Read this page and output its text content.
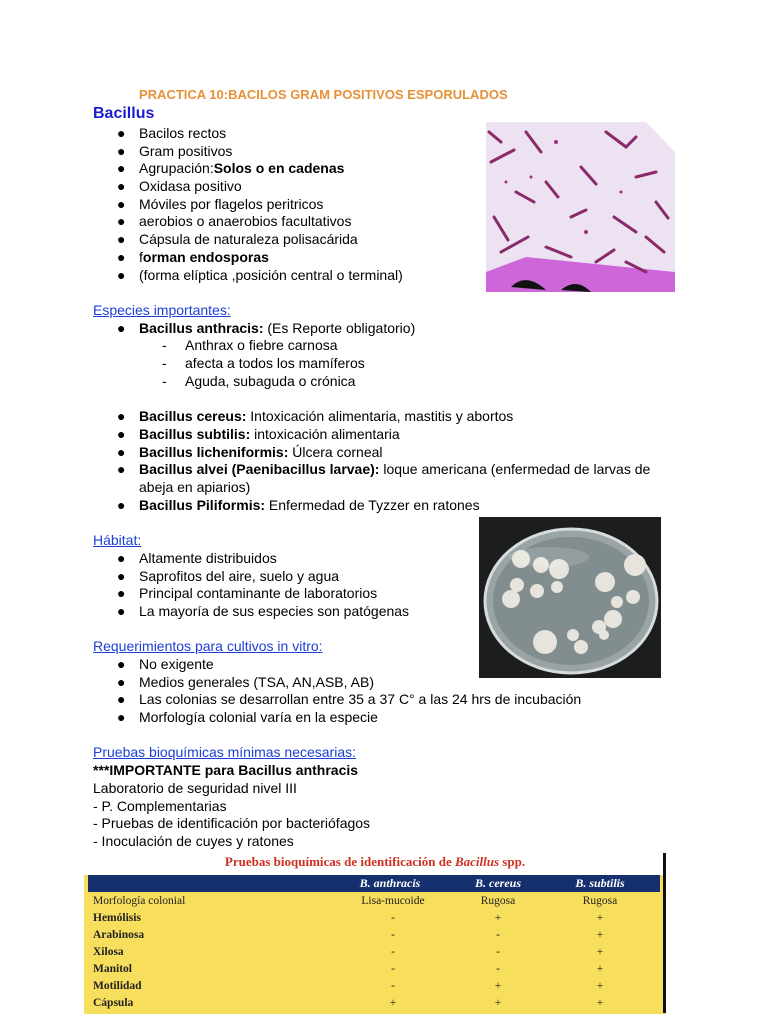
PRACTICA 10:BACILOS GRAM POSITIVOS ESPORULADOS
Bacillus
● Bacilos rectos
● Gram positivos
● Agrupación:Solos o en cadenas
● Oxidasa positivo
● Móviles por flagelos peritricos
● aerobios o anaerobios facultativos
● Cápsula de naturaleza polisacárida
● forman endosporas
● (forma elíptica ,posición central o terminal)
Especies importantes:
● Bacillus anthracis: (Es Reporte obligatorio)
- Anthrax o fiebre carnosa
- afecta a todos los mamíferos
- Aguda, subaguda o crónica
● Bacillus cereus: Intoxicación alimentaria, mastitis y abortos
● Bacillus subtilis: intoxicación alimentaria
● Bacillus licheniformis: Úlcera corneal
● Bacillus alvei (Paenibacillus larvae): loque americana (enfermedad de larvas de
abeja en apiarios)
● Bacillus Piliformis: Enfermedad de Tyzzer en ratones
Hábitat:
● Altamente distribuidos
● Saprofitos del aire, suelo y agua
● Principal contaminante de laboratorios
● La mayoría de sus especies son patógenas
Requerimientos para cultivos in vitro:
● No exigente
● Medios generales (TSA, AN,ASB, AB)
● Las colonias se desarrollan entre 35 a 37 C° a las 24 hrs de incubación
● Morfología colonial varía en la especie
Pruebas bioquímicas mínimas necesarias:
***IMPORTANTE para Bacillus anthracis
Laboratorio de seguridad nivel III
- P. Complementarias
- Pruebas de identificación por bacteriófagos
- Inoculación de cuyes y ratones
Pruebas bioquímicas de identificación de Bacillus spp.
B. anthracis	B. cereus	B. subtilis
Morfología colonial	Lisa-mucoide	Rugosa	Rugosa
Hemólisis	-	+	+
Arabinosa	-	-	+
Xilosa	-	-	+
Manitol	-	-	+
Motilidad	-	+	+
Cápsula	+	+	+
